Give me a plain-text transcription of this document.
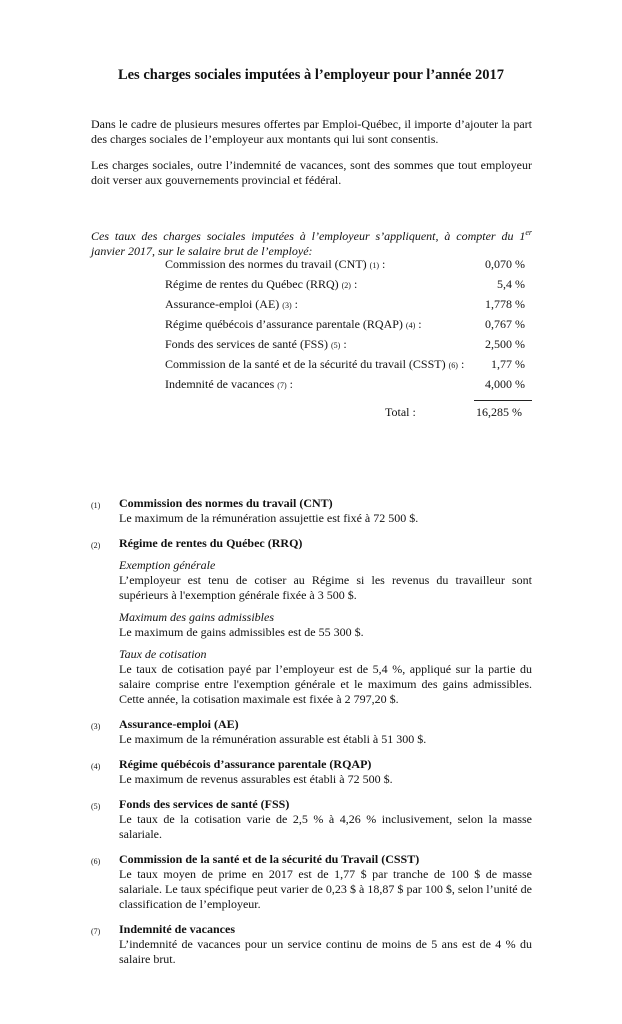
Les charges sociales imputées à l’employeur pour l’année 2017
Dans le cadre de plusieurs mesures offertes par Emploi-Québec, il importe d’ajouter la part des charges sociales de l’employeur aux montants qui lui sont consentis.
Les charges sociales, outre l’indemnité de vacances, sont des sommes que tout employeur doit verser aux gouvernements provincial et fédéral.
Ces taux des charges sociales imputées à l’employeur s’appliquent, à compter du 1er janvier 2017, sur le salaire brut de l’employé:
Commission des normes du travail (CNT) (1) :	0,070 %
Régime de rentes du Québec (RRQ) (2) :	5,4 %
Assurance-emploi (AE) (3) :	1,778 %
Régime québécois d’assurance parentale (RQAP) (4) :	0,767 %
Fonds des services de santé (FSS) (5) :	2,500 %
Commission de la santé et de la sécurité du travail (CSST) (6) : 1,77 %
Indemnité de vacances (7) :	4,000 %
Total :	16,285 %
(1) Commission des normes du travail (CNT)
Le maximum de la rémunération assujettie est fixé à 72 500 $.
(2) Régime de rentes du Québec (RRQ)
Exemption générale
L’employeur est tenu de cotiser au Régime si les revenus du travailleur sont supérieurs à l'exemption générale fixée à 3 500 $.
Maximum des gains admissibles
Le maximum de gains admissibles est de 55 300 $.
Taux de cotisation
Le taux de cotisation payé par l’employeur est de 5,4 %, appliqué sur la partie du salaire comprise entre l'exemption générale et le maximum des gains admissibles. Cette année, la cotisation maximale est fixée à 2 797,20 $.
(3) Assurance-emploi (AE)
Le maximum de la rémunération assurable est établi à 51 300 $.
(4) Régime québécois d’assurance parentale (RQAP)
Le maximum de revenus assurables est établi à 72 500 $.
(5) Fonds des services de santé (FSS)
Le taux de la cotisation varie de 2,5 % à 4,26 % inclusivement, selon la masse salariale.
(6) Commission de la santé et de la sécurité du Travail (CSST)
Le taux moyen de prime en 2017 est de 1,77 $ par tranche de 100 $ de masse salariale. Le taux spécifique peut varier de 0,23 $ à 18,87 $ par 100 $, selon l’unité de classification de l’employeur.
(7) Indemnité de vacances
L’indemnité de vacances pour un service continu de moins de 5 ans est de 4 % du salaire brut.
